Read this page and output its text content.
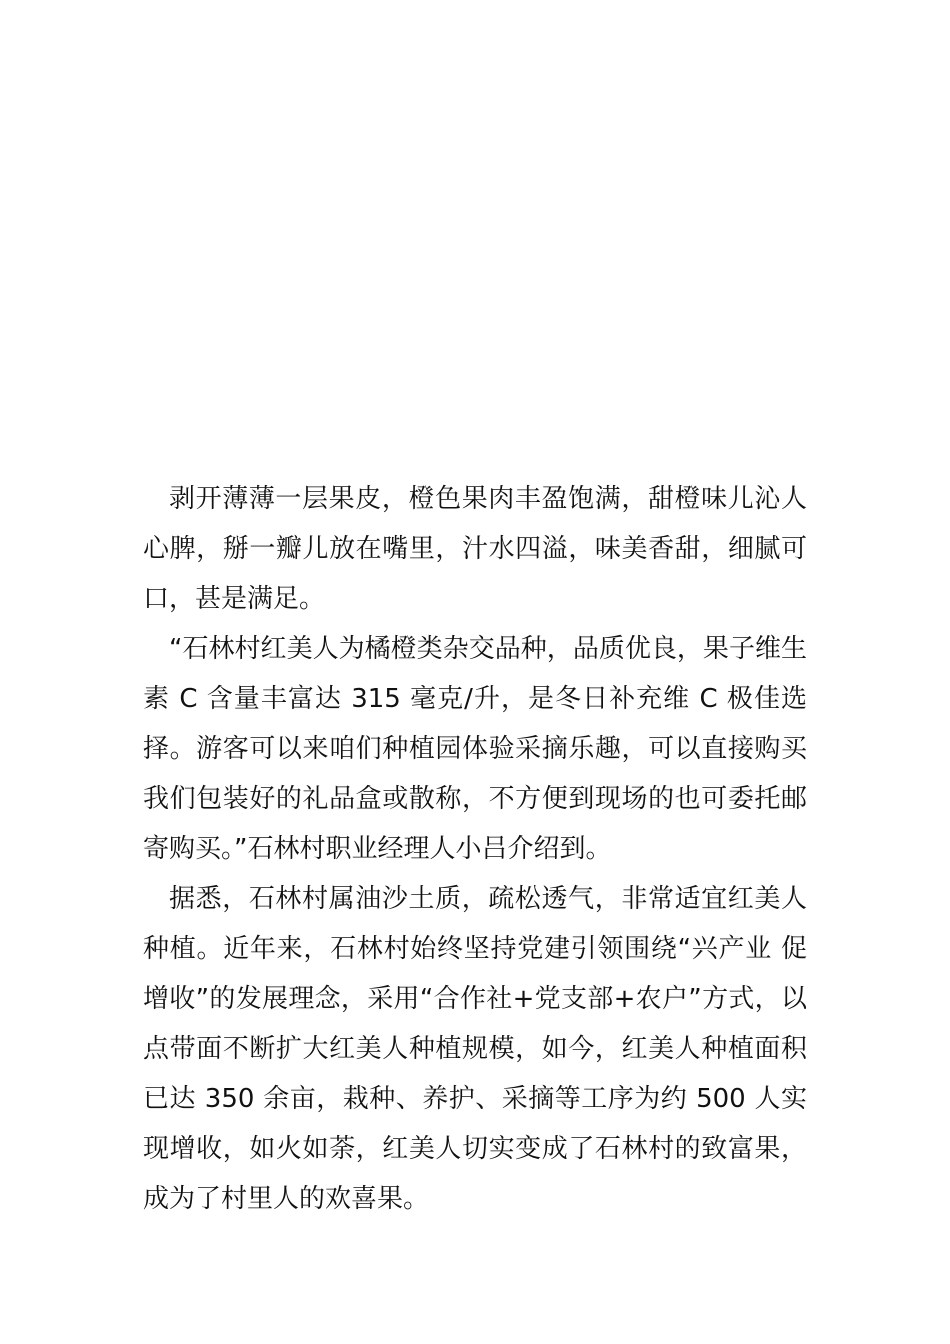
剥开薄薄一层果皮，橙色果肉丰盈饱满，甜橙味儿沁人心脾，掰一瓣儿放在嘴里，汁水四溢，味美香甜，细腻可口，甚是满足。

“石林村红美人为橘橙类杂交品种，品质优良，果子维生素 C 含量丰富达 315 毫克/升，是冬日补充维 C 极佳选择。游客可以来咱们种植园体验采摘乐趣，可以直接购买我们包装好的礼品盒或散称，不方便到现场的也可委托邮寄购买。”石林村职业经理人小吕介绍到。

据悉，石林村属油沙土质，疏松透气，非常适宜红美人种植。近年来，石林村始终坚持党建引领围绕“兴产业 促增收”的发展理念，采用“合作社+党支部+农户”方式，以点带面不断扩大红美人种植规模，如今，红美人种植面积已达 350 余亩，栽种、养护、采摘等工序为约 500 人实现增收，如火如荼，红美人切实变成了石林村的致富果，成为了村里人的欢喜果。
